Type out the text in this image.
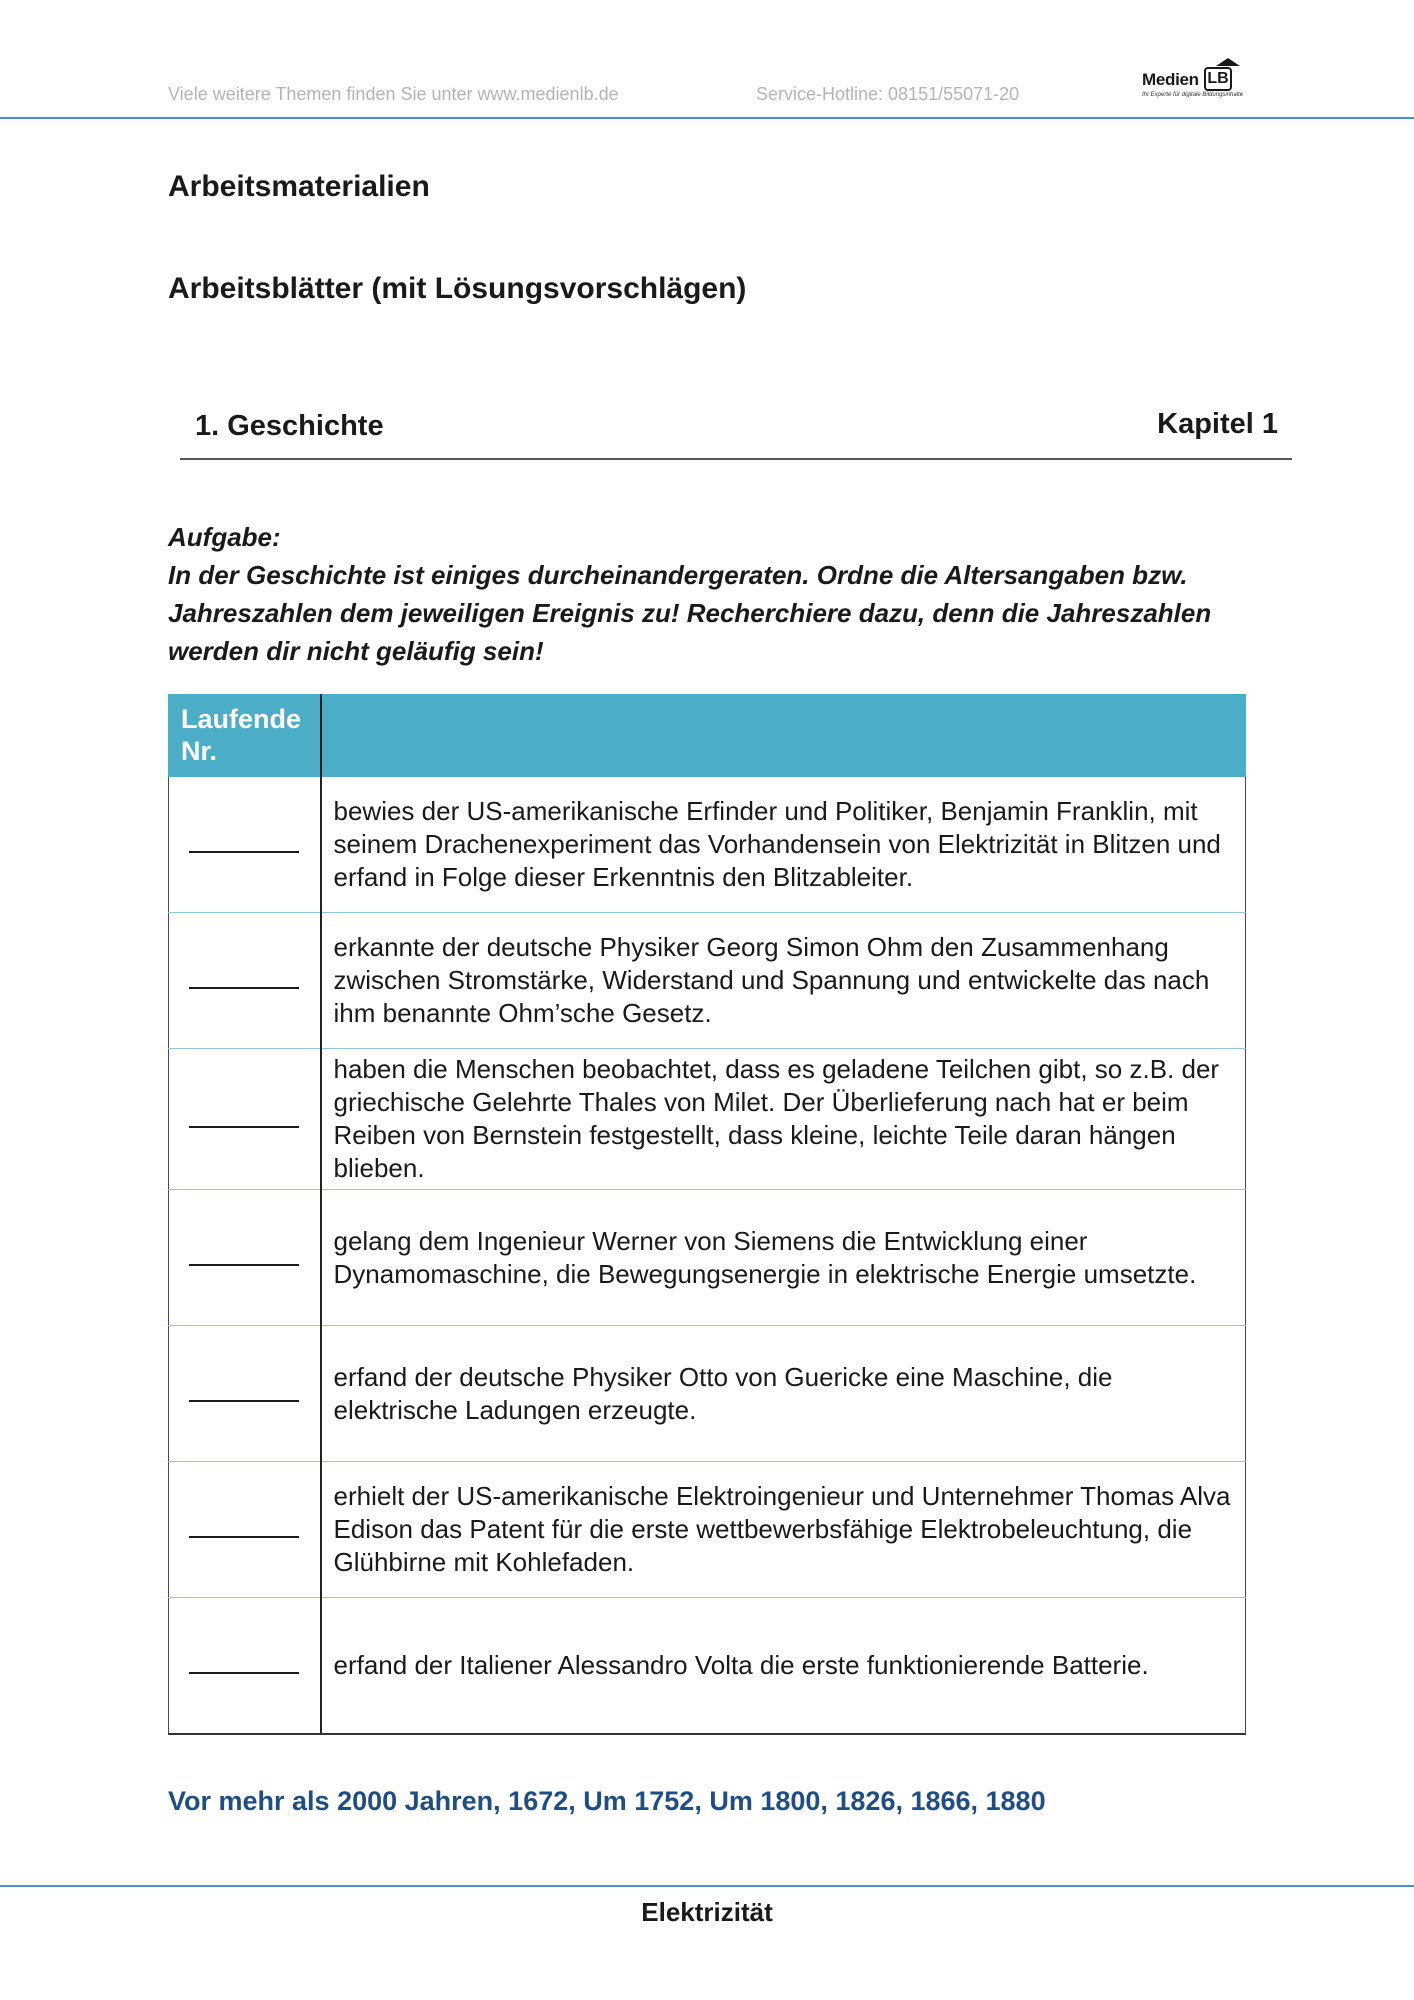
Viele weitere Themen finden Sie unter www.medienlb.de	Service-Hotline: 08151/55071-20
Medien LB
Ihr Experte für digitale Bildungsinhalte
Arbeitsmaterialien
Arbeitsblätter (mit Lösungsvorschlägen)
1. Geschichte	Kapitel 1
Aufgabe:
In der Geschichte ist einiges durcheinandergeraten. Ordne die Altersangaben bzw. Jahreszahlen dem jeweiligen Ereignis zu! Recherchiere dazu, denn die Jahreszahlen werden dir nicht geläufig sein!
Laufende Nr.	
	bewies der US-amerikanische Erfinder und Politiker, Benjamin Franklin, mit seinem Drachenexperiment das Vorhandensein von Elektrizität in Blitzen und erfand in Folge dieser Erkenntnis den Blitzableiter.
	erkannte der deutsche Physiker Georg Simon Ohm den Zusammenhang zwischen Stromstärke, Widerstand und Spannung und entwickelte das nach ihm benannte Ohm’sche Gesetz.
	haben die Menschen beobachtet, dass es geladene Teilchen gibt, so z.B. der griechische Gelehrte Thales von Milet. Der Überlieferung nach hat er beim Reiben von Bernstein festgestellt, dass kleine, leichte Teile daran hängen blieben.
	gelang dem Ingenieur Werner von Siemens die Entwicklung einer Dynamomaschine, die Bewegungsenergie in elektrische Energie umsetzte.
	erfand der deutsche Physiker Otto von Guericke eine Maschine, die elektrische Ladungen erzeugte.
	erhielt der US-amerikanische Elektroingenieur und Unternehmer Thomas Alva Edison das Patent für die erste wettbewerbsfähige Elektrobeleuchtung, die Glühbirne mit Kohlefaden.
	erfand der Italiener Alessandro Volta die erste funktionierende Batterie.
Vor mehr als 2000 Jahren, 1672, Um 1752, Um 1800, 1826, 1866, 1880
Elektrizität
